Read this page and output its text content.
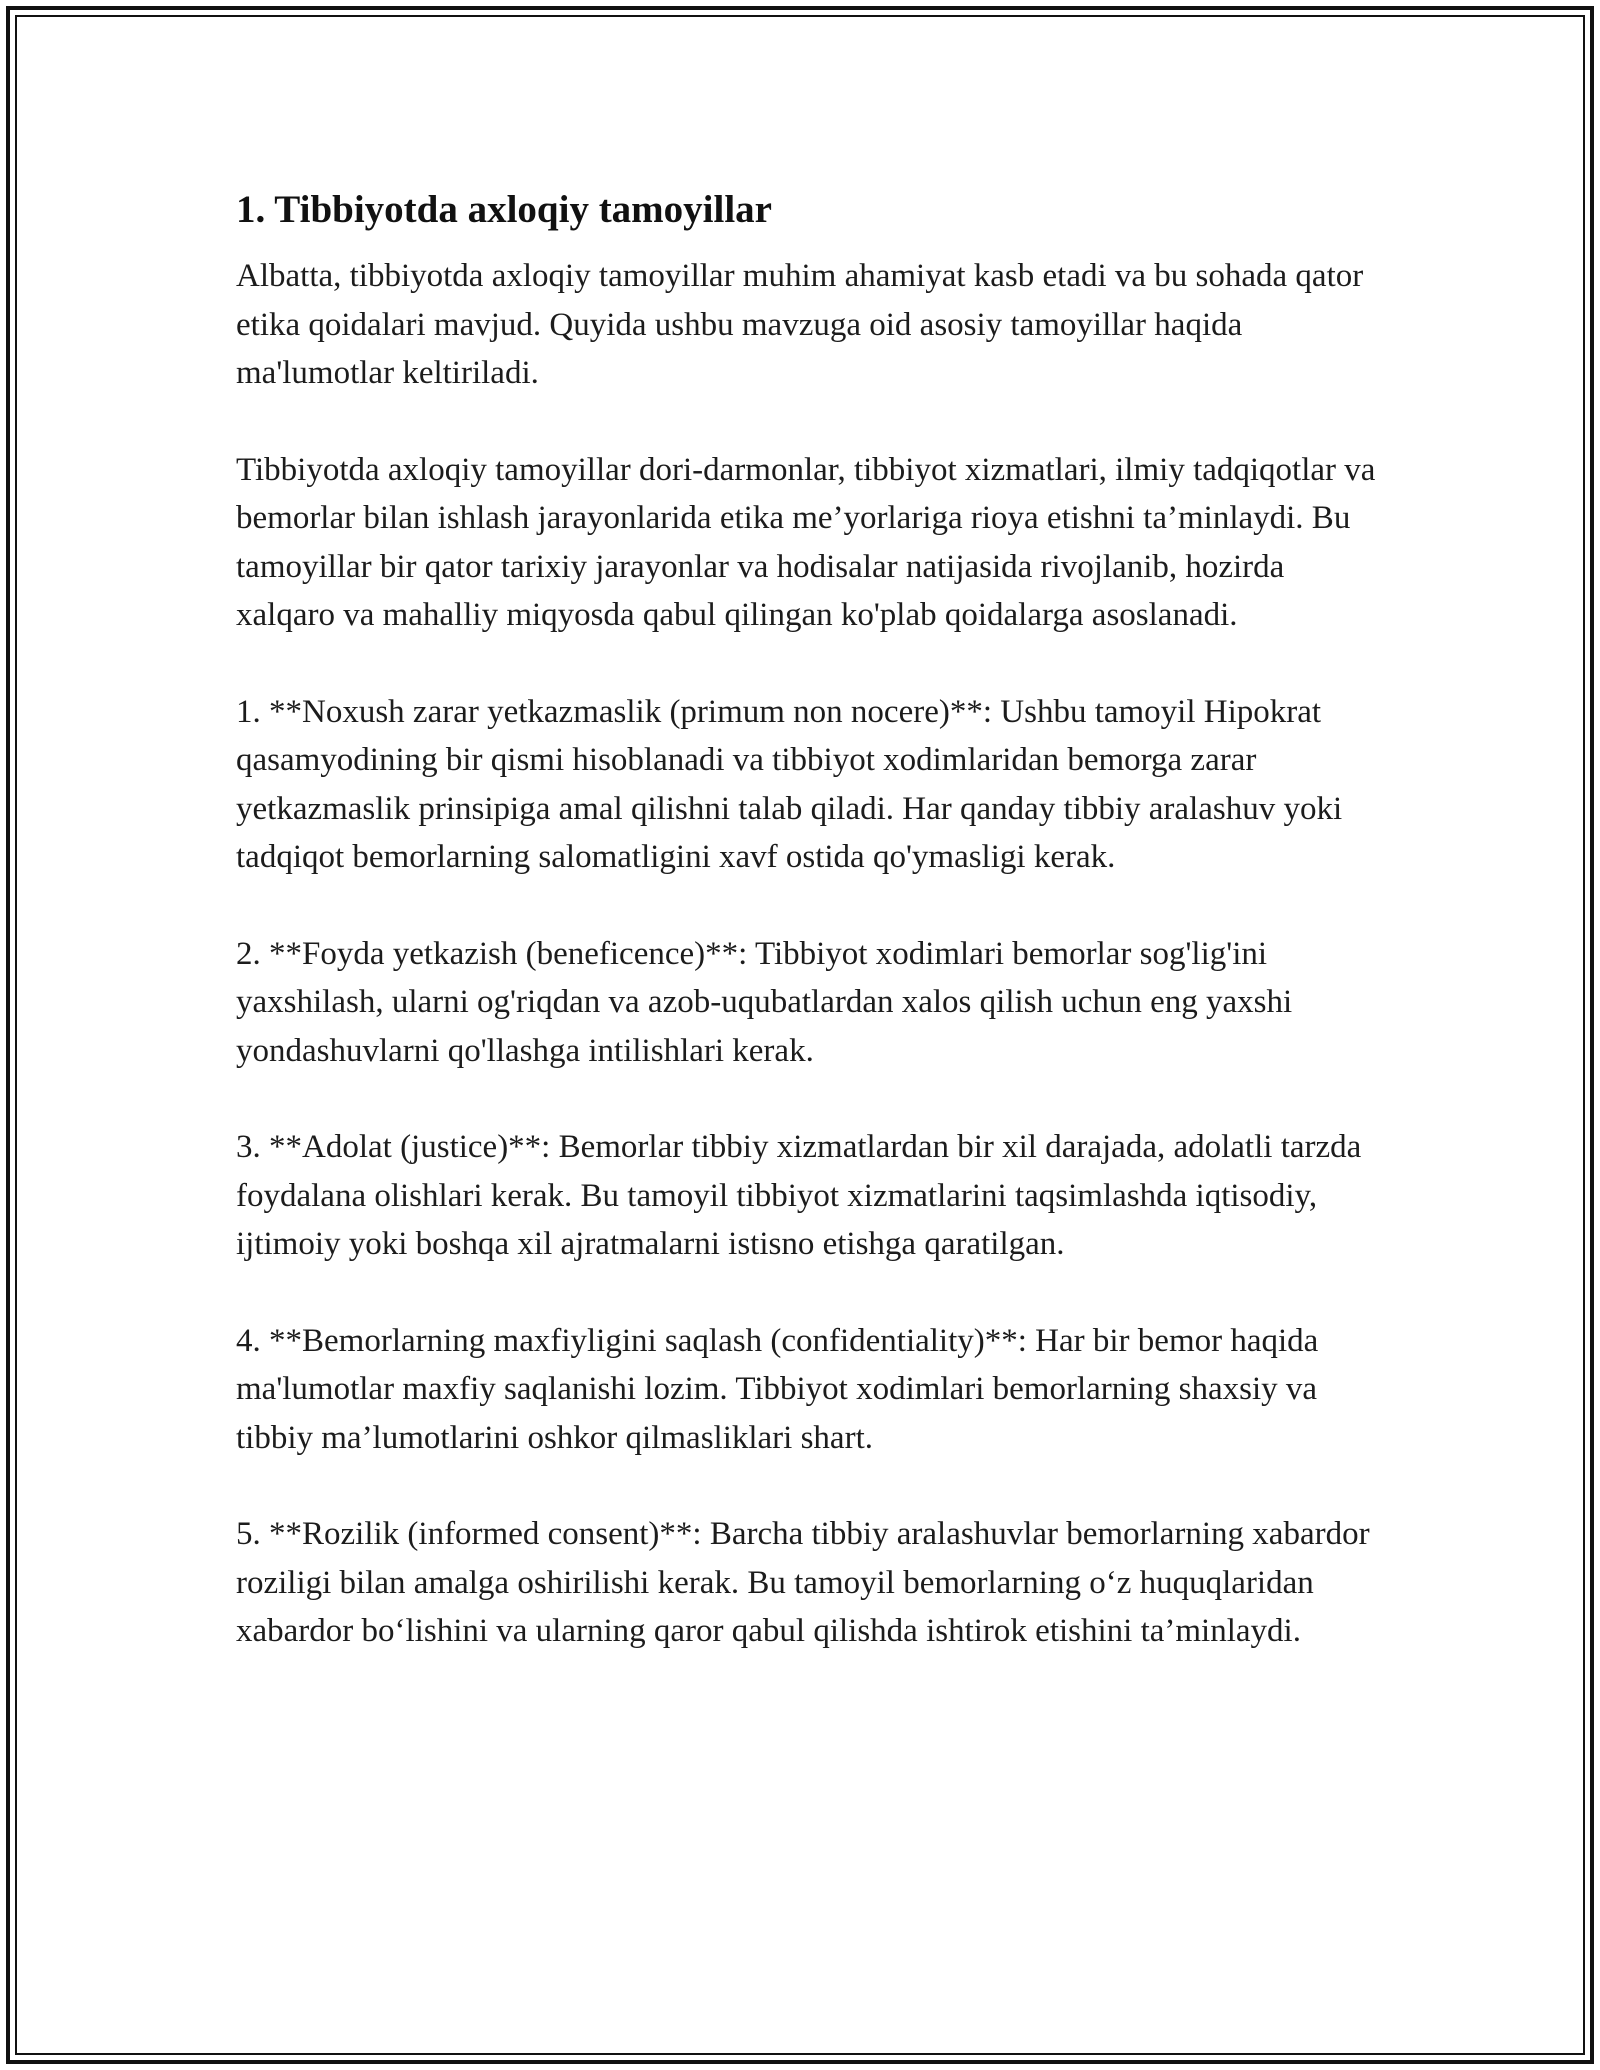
1. Tibbiyotda axloqiy tamoyillar

Albatta, tibbiyotda axloqiy tamoyillar muhim ahamiyat kasb etadi va bu sohada qator etika qoidalari mavjud. Quyida ushbu mavzuga oid asosiy tamoyillar haqida ma'lumotlar keltiriladi.

Tibbiyotda axloqiy tamoyillar dori-darmonlar, tibbiyot xizmatlari, ilmiy tadqiqotlar va bemorlar bilan ishlash jarayonlarida etika me’yorlariga rioya etishni ta’minlaydi. Bu tamoyillar bir qator tarixiy jarayonlar va hodisalar natijasida rivojlanib, hozirda xalqaro va mahalliy miqyosda qabul qilingan ko'plab qoidalarga asoslanadi.

1. **Noxush zarar yetkazmaslik (primum non nocere)**: Ushbu tamoyil Hipokrat qasamyodining bir qismi hisoblanadi va tibbiyot xodimlaridan bemorga zarar yetkazmaslik prinsipiga amal qilishni talab qiladi. Har qanday tibbiy aralashuv yoki tadqiqot bemorlarning salomatligini xavf ostida qo'ymasligi kerak.

2. **Foyda yetkazish (beneficence)**: Tibbiyot xodimlari bemorlar sog'lig'ini yaxshilash, ularni og'riqdan va azob-uqubatlardan xalos qilish uchun eng yaxshi yondashuvlarni qo'llashga intilishlari kerak.

3. **Adolat (justice)**: Bemorlar tibbiy xizmatlardan bir xil darajada, adolatli tarzda foydalana olishlari kerak. Bu tamoyil tibbiyot xizmatlarini taqsimlashda iqtisodiy, ijtimoiy yoki boshqa xil ajratmalarni istisno etishga qaratilgan.

4. **Bemorlarning maxfiyligini saqlash (confidentiality)**: Har bir bemor haqida ma'lumotlar maxfiy saqlanishi lozim. Tibbiyot xodimlari bemorlarning shaxsiy va tibbiy ma’lumotlarini oshkor qilmasliklari shart.

5. **Rozilik (informed consent)**: Barcha tibbiy aralashuvlar bemorlarning xabardor roziligi bilan amalga oshirilishi kerak. Bu tamoyil bemorlarning o‘z huquqlaridan xabardor bo‘lishini va ularning qaror qabul qilishda ishtirok etishini ta’minlaydi.
